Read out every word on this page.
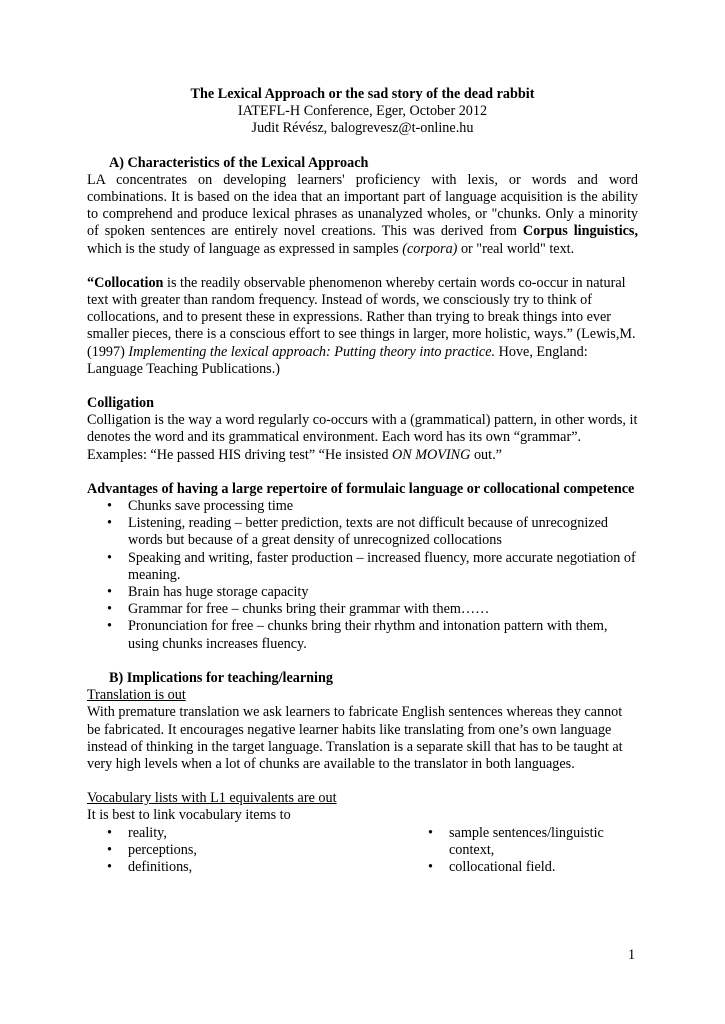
The Lexical Approach or the sad story of the dead rabbit

IATEFL-H Conference, Eger, October 2012

Judit Révész, balogrevesz@t-online.hu

A) Characteristics of the Lexical Approach

LA concentrates on developing learners' proficiency with lexis, or words and word combinations. It is based on the idea that an important part of language acquisition is the ability to comprehend and produce lexical phrases as unanalyzed wholes, or "chunks. Only a minority of spoken sentences are entirely novel creations. This was derived from Corpus linguistics, which is the study of language as expressed in samples (corpora) or "real world" text.

“Collocation is the readily observable phenomenon whereby certain words co-occur in natural text with greater than random frequency. Instead of words, we consciously try to think of collocations, and to present these in expressions. Rather than trying to break things into ever smaller pieces, there is a conscious effort to see things in larger, more holistic, ways.” (Lewis,M. (1997) Implementing the lexical approach: Putting theory into practice. Hove, England: Language Teaching Publications.)

Colligation

Colligation is the way a word regularly co-occurs with a (grammatical) pattern, in other words, it denotes the word and its grammatical environment. Each word has its own “grammar”. Examples: “He passed HIS driving test” “He insisted ON MOVING out.”

Advantages of having a large repertoire of formulaic language or collocational competence

• Chunks save processing time
• Listening, reading – better prediction, texts are not difficult because of unrecognized words but because of a great density of unrecognized collocations
• Speaking and writing, faster production – increased fluency, more accurate negotiation of meaning.
• Brain has huge storage capacity
• Grammar for free – chunks bring their grammar with them……
• Pronunciation for free – chunks bring their rhythm and intonation pattern with them, using chunks increases fluency.

B) Implications for teaching/learning

Translation is out

With premature translation we ask learners to fabricate English sentences whereas they cannot be fabricated. It encourages negative learner habits like translating from one’s own language instead of thinking in the target language. Translation is a separate skill that has to be taught at very high levels when a lot of chunks are available to the translator in both languages.

Vocabulary lists with L1 equivalents are out

It is best to link vocabulary items to

• reality,
• perceptions,
• definitions,
• sample sentences/linguistic context,
• collocational field.
1
